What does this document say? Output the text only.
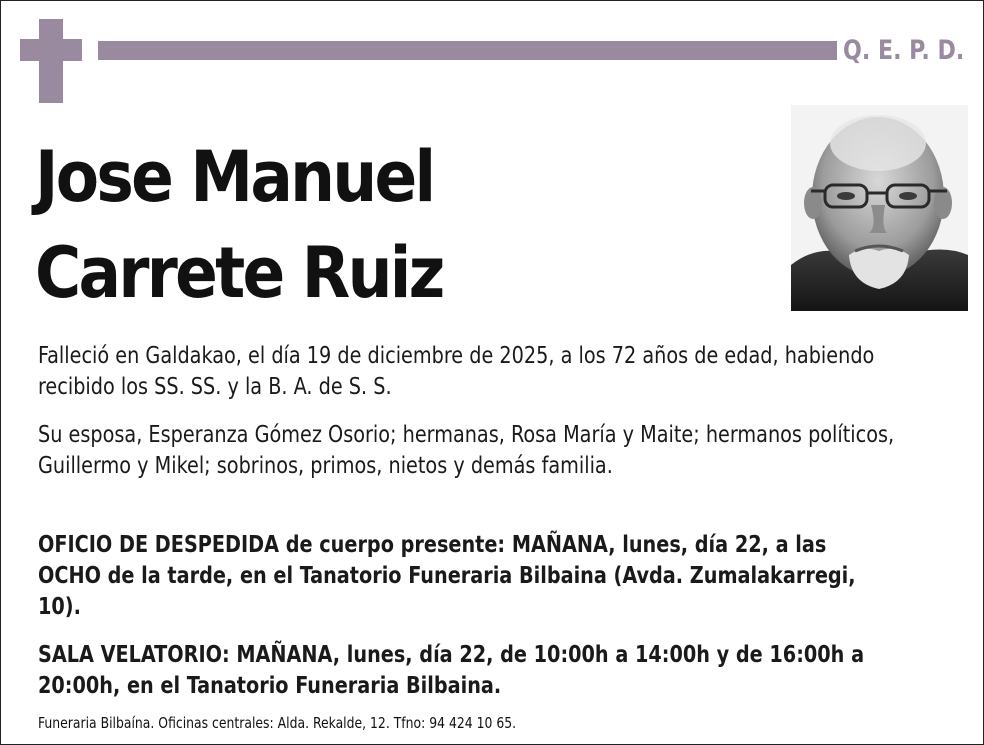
Q. E. P. D.
Jose Manuel
Carrete Ruiz
Falleció en Galdakao, el día 19 de diciembre de 2025, a los 72 años de edad, habiendo recibido los SS. SS. y la B. A. de S. S.
Su esposa, Esperanza Gómez Osorio; hermanas, Rosa María y Maite; hermanos políticos, Guillermo y Mikel; sobrinos, primos, nietos y demás familia.
OFICIO DE DESPEDIDA de cuerpo presente: MAÑANA, lunes, día 22, a las OCHO de la tarde, en el Tanatorio Funeraria Bilbaina (Avda. Zumalakarregi, 10).
SALA VELATORIO: MAÑANA, lunes, día 22, de 10:00h a 14:00h y de 16:00h a 20:00h, en el Tanatorio Funeraria Bilbaina.
Funeraria Bilbaína. Oficinas centrales: Alda. Rekalde, 12. Tfno: 94 424 10 65.
